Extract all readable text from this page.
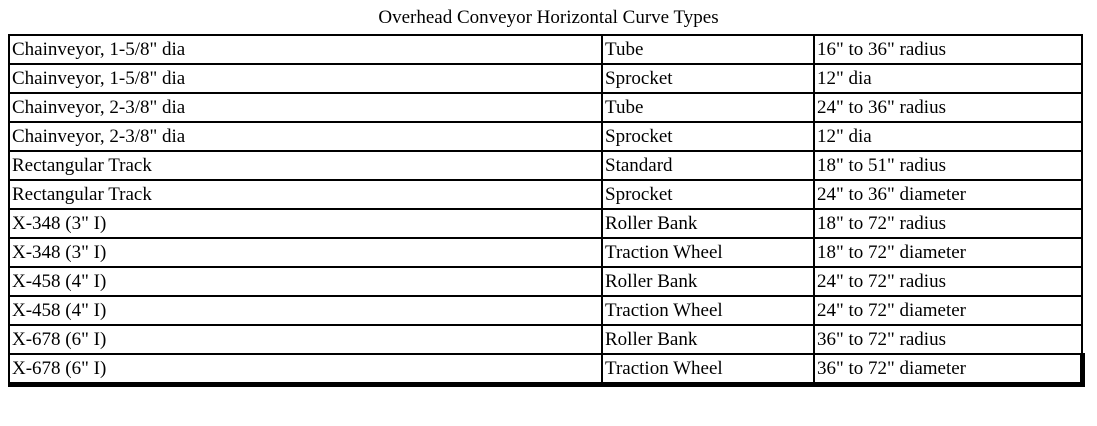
Overhead Conveyor Horizontal Curve Types
Chainveyor, 1-5/8" dia	Tube	16" to 36" radius
Chainveyor, 1-5/8" dia	Sprocket	12" dia
Chainveyor, 2-3/8" dia	Tube	24" to 36" radius
Chainveyor, 2-3/8" dia	Sprocket	12" dia
Rectangular Track	Standard	18" to 51" radius
Rectangular Track	Sprocket	24" to 36" diameter
X-348 (3" I)	Roller Bank	18" to 72" radius
X-348 (3" I)	Traction Wheel	18" to 72" diameter
X-458 (4" I)	Roller Bank	24" to 72" radius
X-458 (4" I)	Traction Wheel	24" to 72" diameter
X-678 (6" I)	Roller Bank	36" to 72" radius
X-678 (6" I)	Traction Wheel	36" to 72" diameter
